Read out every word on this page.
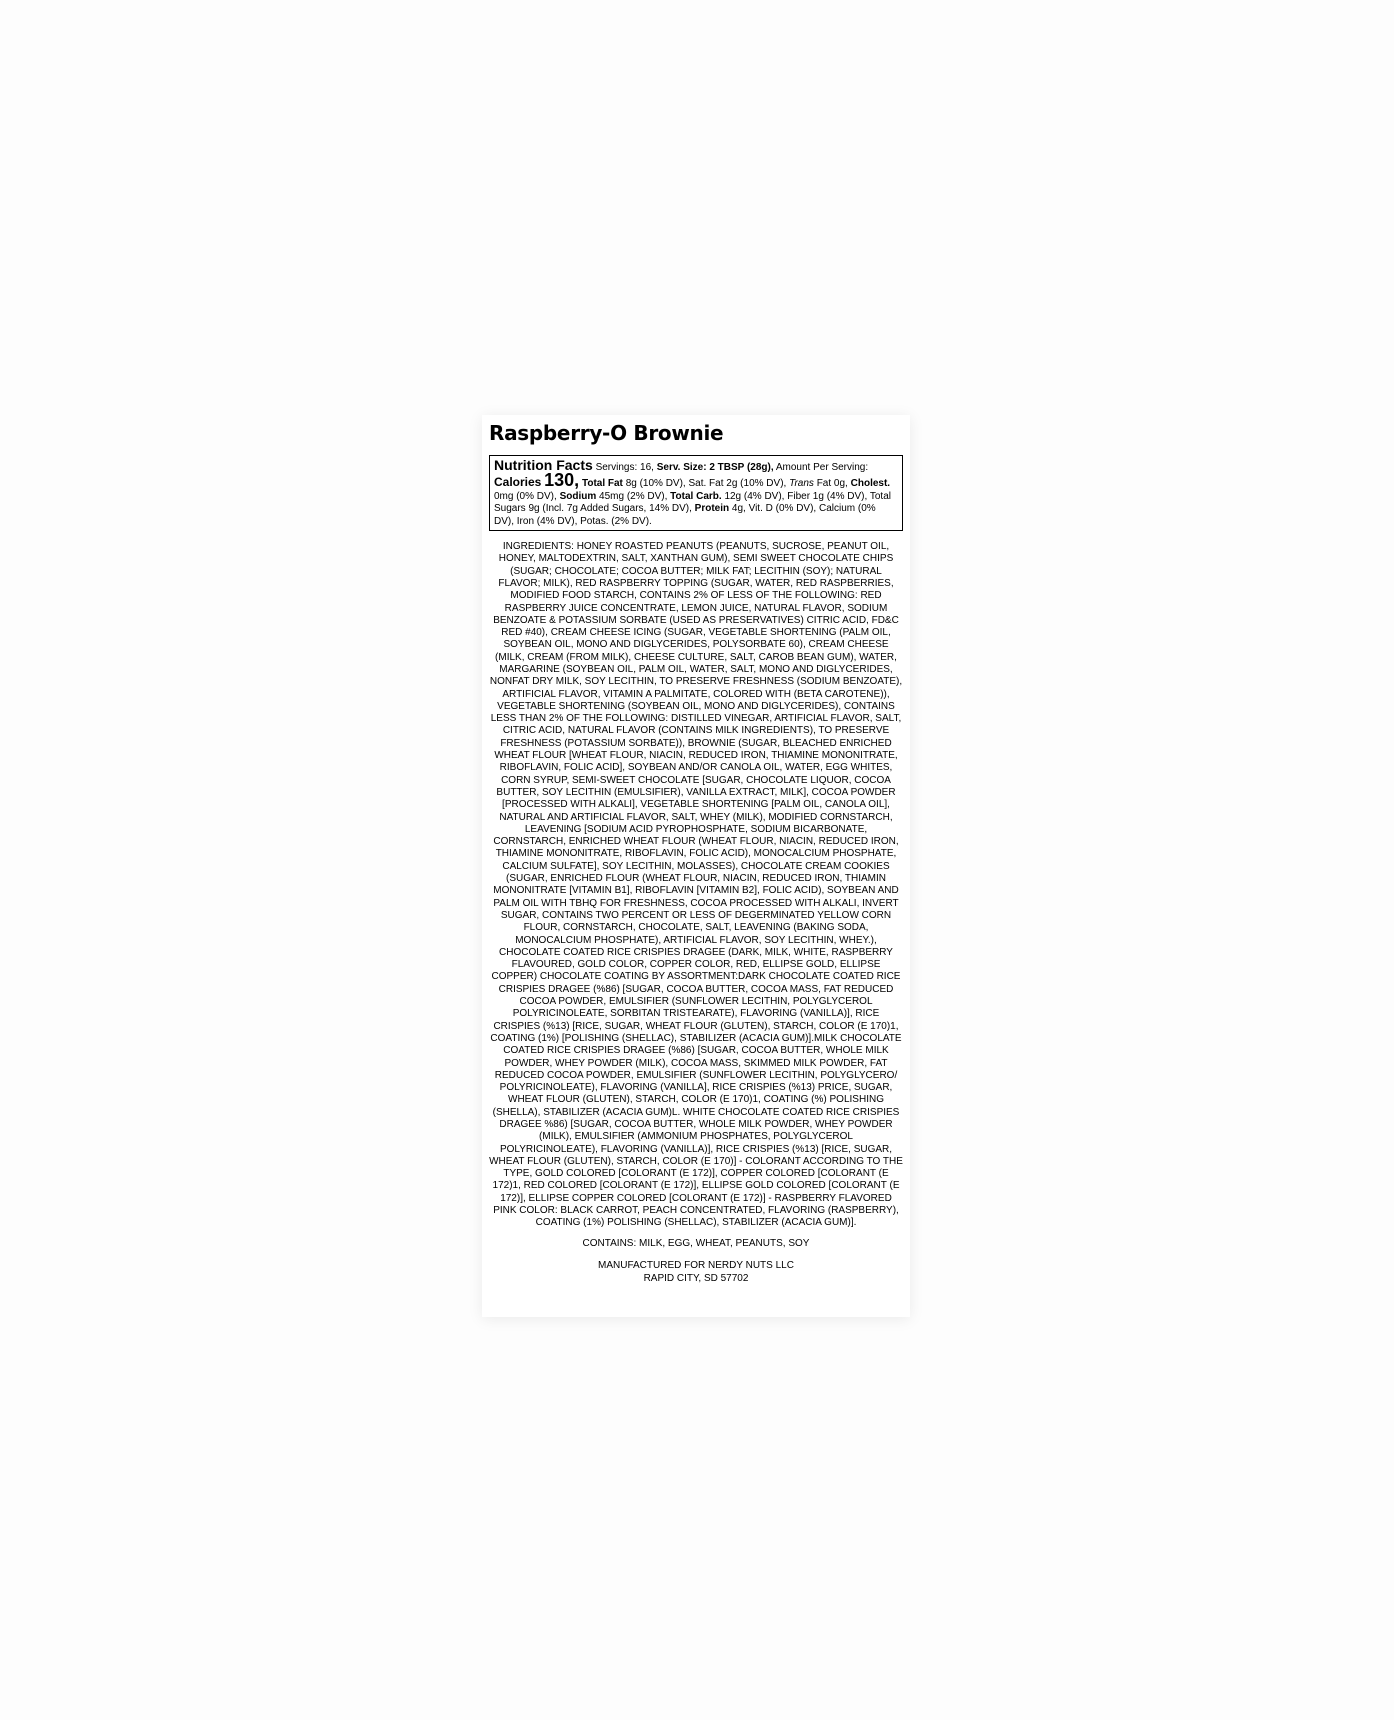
Raspberry-O Brownie
Nutrition Facts Servings: 16, Serv. Size: 2 TBSP (28g), Amount Per Serving: Calories 130, Total Fat 8g (10% DV), Sat. Fat 2g (10% DV), Trans Fat 0g, Cholest. 0mg (0% DV), Sodium 45mg (2% DV), Total Carb. 12g (4% DV), Fiber 1g (4% DV), Total Sugars 9g (Incl. 7g Added Sugars, 14% DV), Protein 4g, Vit. D (0% DV), Calcium (0% DV), Iron (4% DV), Potas. (2% DV).
INGREDIENTS: HONEY ROASTED PEANUTS (PEANUTS, SUCROSE, PEANUT OIL, HONEY, MALTODEXTRIN, SALT, XANTHAN GUM), SEMI SWEET CHOCOLATE CHIPS (SUGAR; CHOCOLATE; COCOA BUTTER; MILK FAT; LECITHIN (SOY); NATURAL FLAVOR; MILK), RED RASPBERRY TOPPING (SUGAR, WATER, RED RASPBERRIES, MODIFIED FOOD STARCH, CONTAINS 2% OF LESS OF THE FOLLOWING: RED RASPBERRY JUICE CONCENTRATE, LEMON JUICE, NATURAL FLAVOR, SODIUM BENZOATE & POTASSIUM SORBATE (USED AS PRESERVATIVES) CITRIC ACID, FD&C RED #40), CREAM CHEESE ICING (SUGAR, VEGETABLE SHORTENING (PALM OIL, SOYBEAN OIL, MONO AND DIGLYCERIDES, POLYSORBATE 60), CREAM CHEESE (MILK, CREAM (FROM MILK), CHEESE CULTURE, SALT, CAROB BEAN GUM), WATER, MARGARINE (SOYBEAN OIL, PALM OIL, WATER, SALT, MONO AND DIGLYCERIDES, NONFAT DRY MILK, SOY LECITHIN, TO PRESERVE FRESHNESS (SODIUM BENZOATE), ARTIFICIAL FLAVOR, VITAMIN A PALMITATE, COLORED WITH (BETA CAROTENE)), VEGETABLE SHORTENING (SOYBEAN OIL, MONO AND DIGLYCERIDES), CONTAINS LESS THAN 2% OF THE FOLLOWING: DISTILLED VINEGAR, ARTIFICIAL FLAVOR, SALT, CITRIC ACID, NATURAL FLAVOR (CONTAINS MILK INGREDIENTS), TO PRESERVE FRESHNESS (POTASSIUM SORBATE)), BROWNIE (SUGAR, BLEACHED ENRICHED WHEAT FLOUR [WHEAT FLOUR, NIACIN, REDUCED IRON, THIAMINE MONONITRATE, RIBOFLAVIN, FOLIC ACID], SOYBEAN AND/OR CANOLA OIL, WATER, EGG WHITES, CORN SYRUP, SEMI-SWEET CHOCOLATE [SUGAR, CHOCOLATE LIQUOR, COCOA BUTTER, SOY LECITHIN (EMULSIFIER), VANILLA EXTRACT, MILK], COCOA POWDER [PROCESSED WITH ALKALI], VEGETABLE SHORTENING [PALM OIL, CANOLA OIL], NATURAL AND ARTIFICIAL FLAVOR, SALT, WHEY (MILK), MODIFIED CORNSTARCH, LEAVENING [SODIUM ACID PYROPHOSPHATE, SODIUM BICARBONATE, CORNSTARCH, ENRICHED WHEAT FLOUR (WHEAT FLOUR, NIACIN, REDUCED IRON, THIAMINE MONONITRATE, RIBOFLAVIN, FOLIC ACID), MONOCALCIUM PHOSPHATE, CALCIUM SULFATE], SOY LECITHIN, MOLASSES), CHOCOLATE CREAM COOKIES (SUGAR, ENRICHED FLOUR (WHEAT FLOUR, NIACIN, REDUCED IRON, THIAMIN MONONITRATE [VITAMIN B1], RIBOFLAVIN [VITAMIN B2], FOLIC ACID), SOYBEAN AND PALM OIL WITH TBHQ FOR FRESHNESS, COCOA PROCESSED WITH ALKALI, INVERT SUGAR, CONTAINS TWO PERCENT OR LESS OF DEGERMINATED YELLOW CORN FLOUR, CORNSTARCH, CHOCOLATE, SALT, LEAVENING (BAKING SODA, MONOCALCIUM PHOSPHATE), ARTIFICIAL FLAVOR, SOY LECITHIN, WHEY.), CHOCOLATE COATED RICE CRISPIES DRAGEE (DARK, MILK, WHITE, RASPBERRY FLAVOURED, GOLD COLOR, COPPER COLOR, RED, ELLIPSE GOLD, ELLIPSE COPPER) CHOCOLATE COATING BY ASSORTMENT:DARK CHOCOLATE COATED RICE CRISPIES DRAGEE (%86) [SUGAR, COCOA BUTTER, COCOA MASS, FAT REDUCED COCOA POWDER, EMULSIFIER (SUNFLOWER LECITHIN, POLYGLYCEROL POLYRICINOLEATE, SORBITAN TRISTEARATE), FLAVORING (VANILLA)], RICE CRISPIES (%13) [RICE, SUGAR, WHEAT FLOUR (GLUTEN), STARCH, COLOR (E 170)1, COATING (1%) [POLISHING (SHELLAC), STABILIZER (ACACIA GUM)].MILK CHOCOLATE COATED RICE CRISPIES DRAGEE (%86) [SUGAR, COCOA BUTTER, WHOLE MILK POWDER, WHEY POWDER (MILK), COCOA MASS, SKIMMED MILK POWDER, FAT REDUCED COCOA POWDER, EMULSIFIER (SUNFLOWER LECITHIN, POLYGLYCERO/ POLYRICINOLEATE), FLAVORING (VANILLA], RICE CRISPIES (%13) PRICE, SUGAR, WHEAT FLOUR (GLUTEN), STARCH, COLOR (E 170)1, COATING (%) POLISHING (SHELLA), STABILIZER (ACACIA GUM)L. WHITE CHOCOLATE COATED RICE CRISPIES DRAGEE %86) [SUGAR, COCOA BUTTER, WHOLE MILK POWDER, WHEY POWDER (MILK), EMULSIFIER (AMMONIUM PHOSPHATES, POLYGLYCEROL POLYRICINOLEATE), FLAVORING (VANILLA)], RICE CRISPIES (%13) [RICE, SUGAR, WHEAT FLOUR (GLUTEN), STARCH, COLOR (E 170)] - COLORANT ACCORDING TO THE TYPE, GOLD COLORED [COLORANT (E 172)], COPPER COLORED [COLORANT (E 172)1, RED COLORED [COLORANT (E 172)], ELLIPSE GOLD COLORED [COLORANT (E 172)], ELLIPSE COPPER COLORED [COLORANT (E 172)] - RASPBERRY FLAVORED PINK COLOR: BLACK CARROT, PEACH CONCENTRATED, FLAVORING (RASPBERRY), COATING (1%) POLISHING (SHELLAC), STABILIZER (ACACIA GUM)].
CONTAINS: MILK, EGG, WHEAT, PEANUTS, SOY
MANUFACTURED FOR NERDY NUTS LLC
RAPID CITY, SD 57702
